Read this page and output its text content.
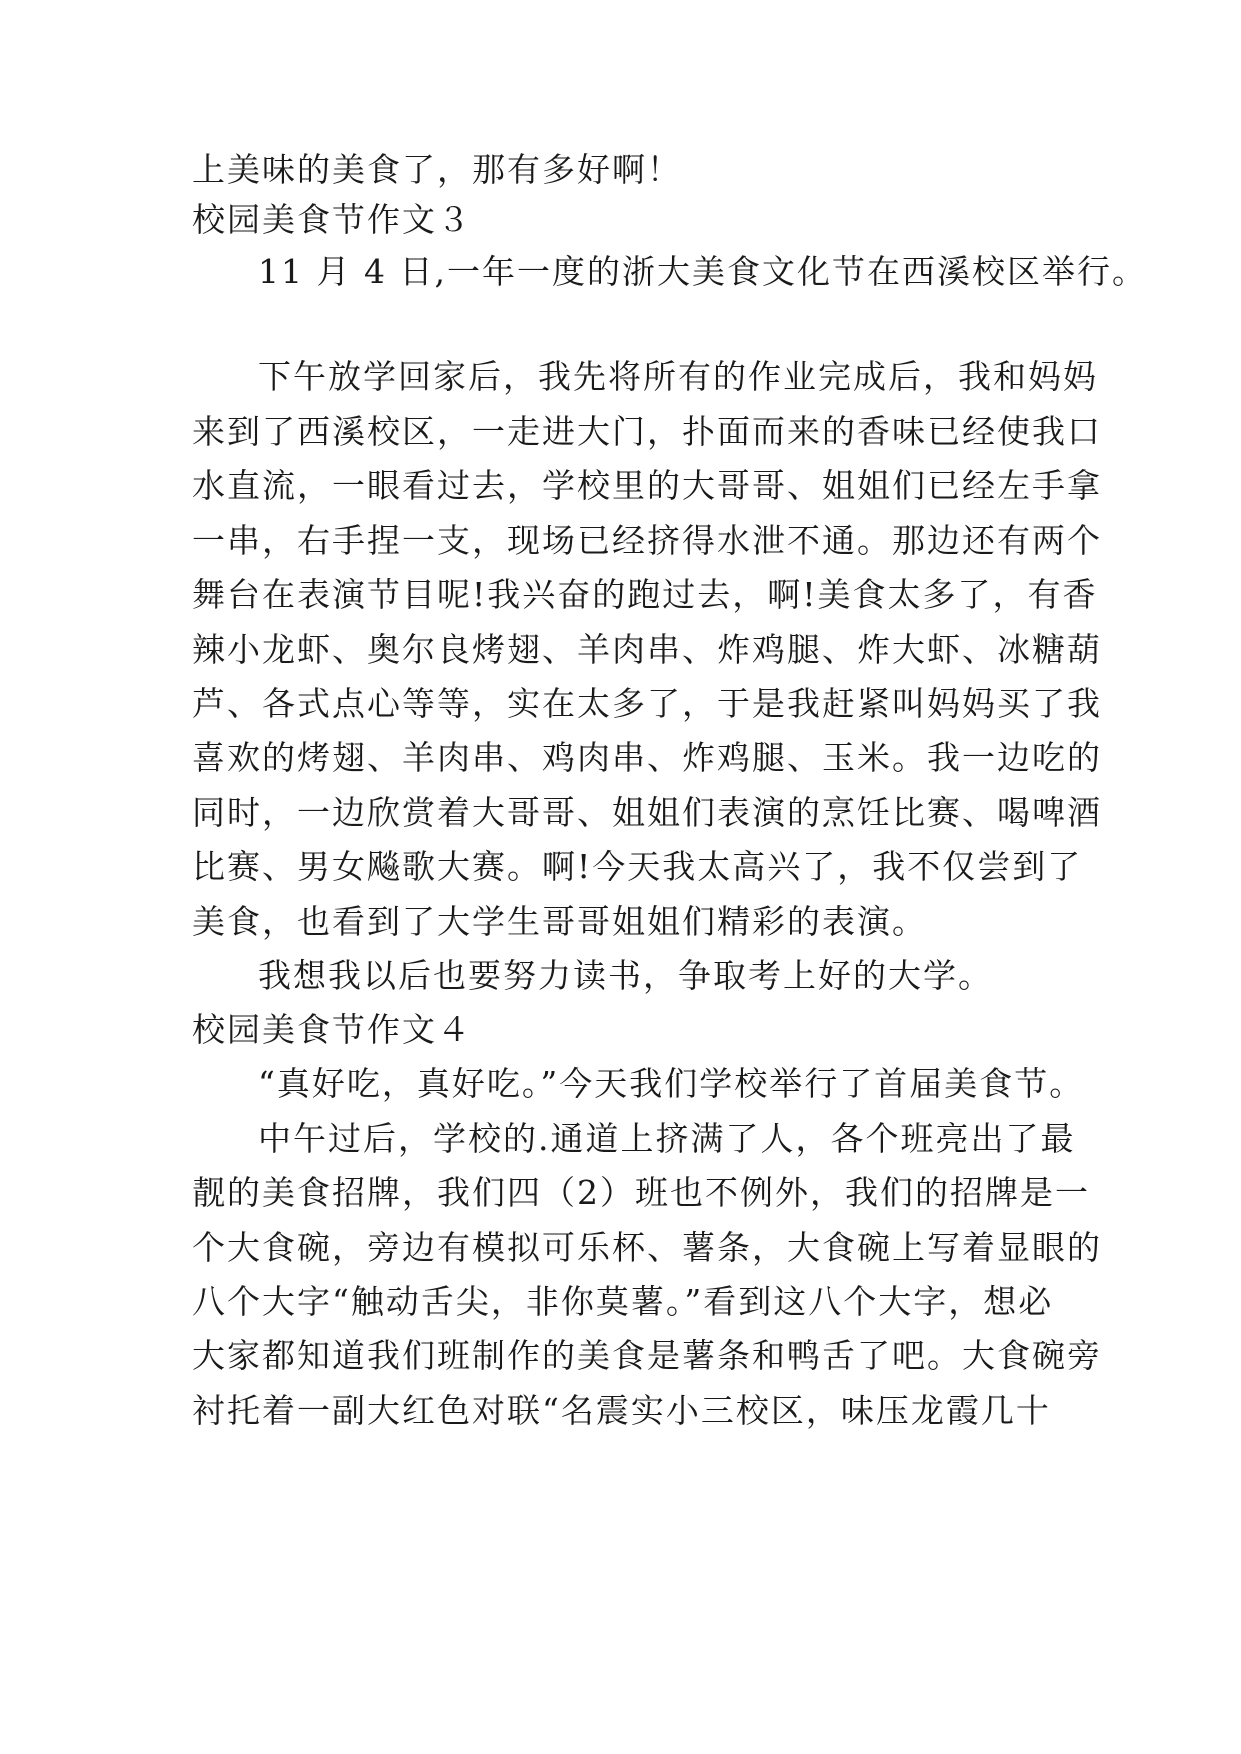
上美味的美食了，那有多好啊！
校园美食节作文３
11 月 4 日,一年一度的浙大美食文化节在西溪校区举行。
下午放学回家后，我先将所有的作业完成后，我和妈妈
来到了西溪校区，一走进大门，扑面而来的香味已经使我口
水直流，一眼看过去，学校里的大哥哥、姐姐们已经左手拿
一串，右手捏一支，现场已经挤得水泄不通。那边还有两个
舞台在表演节目呢!我兴奋的跑过去，啊!美食太多了，有香
辣小龙虾、奥尔良烤翅、羊肉串、炸鸡腿、炸大虾、冰糖葫
芦、各式点心等等，实在太多了，于是我赶紧叫妈妈买了我
喜欢的烤翅、羊肉串、鸡肉串、炸鸡腿、玉米。我一边吃的
同时，一边欣赏着大哥哥、姐姐们表演的烹饪比赛、喝啤酒
比赛、男女飚歌大赛。啊!今天我太高兴了，我不仅尝到了
美食，也看到了大学生哥哥姐姐们精彩的表演。
我想我以后也要努力读书，争取考上好的大学。
校园美食节作文４
“真好吃，真好吃。”今天我们学校举行了首届美食节。
中午过后，学校的.通道上挤满了人，各个班亮出了最
靓的美食招牌，我们四（2）班也不例外，我们的招牌是一
个大食碗，旁边有模拟可乐杯、薯条，大食碗上写着显眼的
八个大字“触动舌尖，非你莫薯。”看到这八个大字，想必
大家都知道我们班制作的美食是薯条和鸭舌了吧。大食碗旁
衬托着一副大红色对联“名震实小三校区，味压龙霞几十
